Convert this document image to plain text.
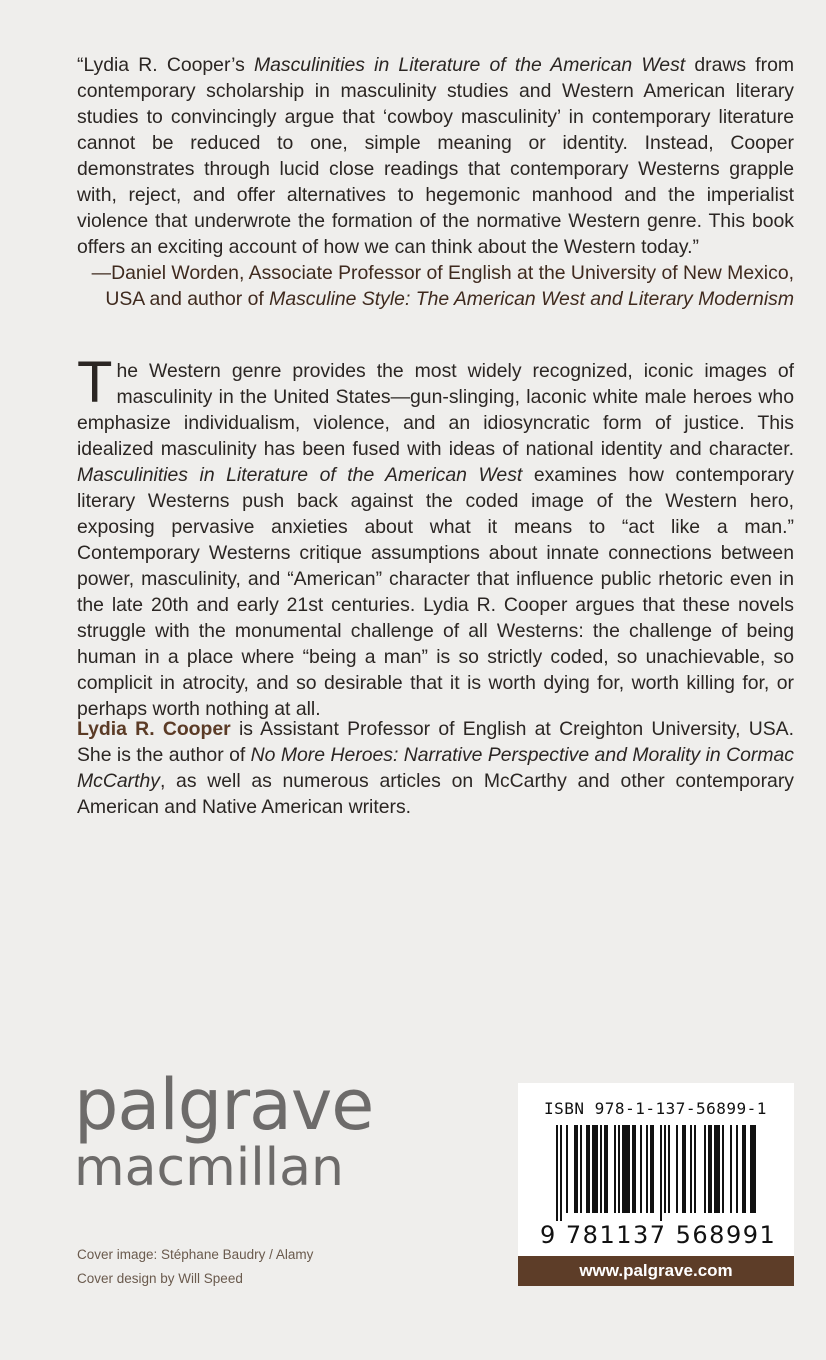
“Lydia R. Cooper’s Masculinities in Literature of the American West draws from contemporary scholarship in masculinity studies and Western American literary studies to convincingly argue that ‘cowboy masculinity’ in contemporary literature cannot be reduced to one, simple meaning or identity. Instead, Cooper demonstrates through lucid close readings that contemporary Westerns grapple with, reject, and offer alternatives to hegemonic manhood and the imperialist violence that underwrote the formation of the normative Western genre. This book offers an exciting account of how we can think about the Western today.”
—Daniel Worden, Associate Professor of English at the University of New Mexico,
USA and author of Masculine Style: The American West and Literary Modernism
The Western genre provides the most widely recognized, iconic images of masculinity in the United States—gun-slinging, laconic white male heroes who emphasize individualism, violence, and an idiosyncratic form of justice. This idealized masculinity has been fused with ideas of national identity and character. Masculinities in Literature of the American West examines how contemporary literary Westerns push back against the coded image of the Western hero, exposing pervasive anxieties about what it means to “act like a man.” Contemporary Westerns critique assumptions about innate connections between power, masculinity, and “American” character that influence public rhetoric even in the late 20th and early 21st centuries. Lydia R. Cooper argues that these novels struggle with the monumental challenge of all Westerns: the challenge of being human in a place where “being a man” is so strictly coded, so unachievable, so complicit in atrocity, and so desirable that it is worth dying for, worth killing for, or perhaps worth nothing at all.
Lydia R. Cooper is Assistant Professor of English at Creighton University, USA. She is the author of No More Heroes: Narrative Perspective and Morality in Cormac McCarthy, as well as numerous articles on McCarthy and other contemporary American and Native American writers.
palgrave
macmillan
Cover image: Stéphane Baudry / Alamy
Cover design by Will Speed
ISBN 978-1-137-56899-1
9 781137 568991
www.palgrave.com
